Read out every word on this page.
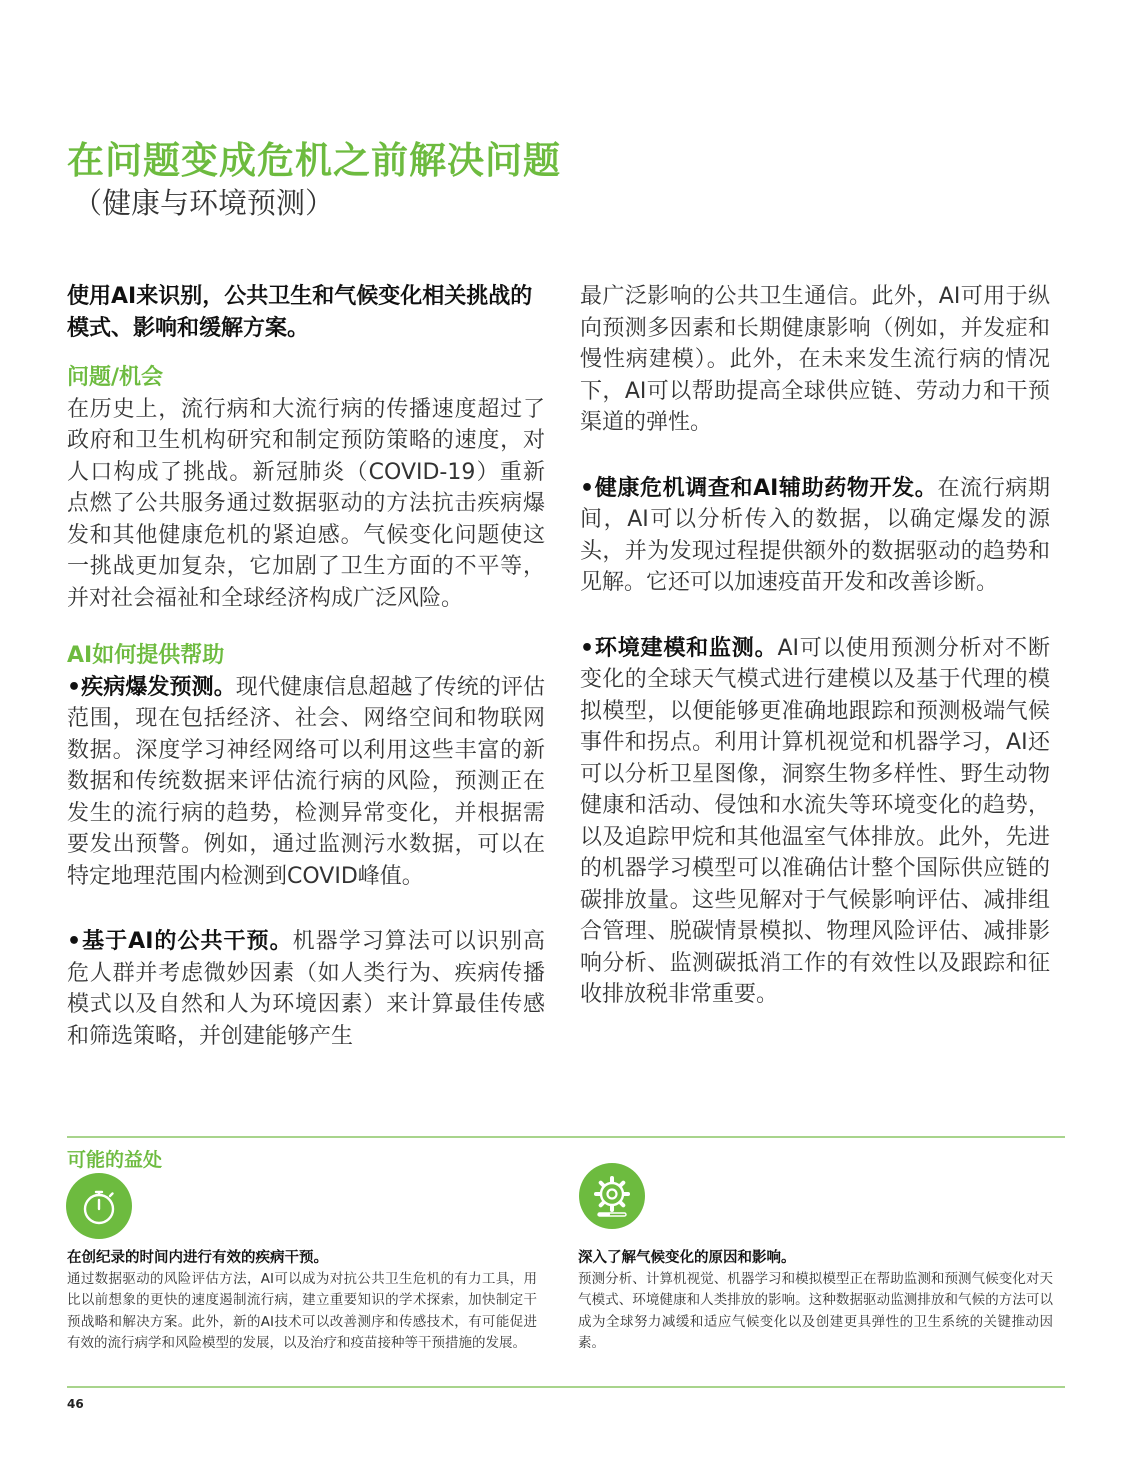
在问题变成危机之前解决问题

（健康与环境预测）

使用AI来识别，公共卫生和气候变化相关挑战的模式、影响和缓解方案。

问题/机会

在历史上，流行病和大流行病的传播速度超过了政府和卫生机构研究和制定预防策略的速度，对人口构成了挑战。新冠肺炎（COVID-19）重新点燃了公共服务通过数据驱动的方法抗击疾病爆发和其他健康危机的紧迫感。气候变化问题使这一挑战更加复杂，它加剧了卫生方面的不平等，并对社会福祉和全球经济构成广泛风险。

AI如何提供帮助

•疾病爆发预测。现代健康信息超越了传统的评估范围，现在包括经济、社会、网络空间和物联网数据。深度学习神经网络可以利用这些丰富的新数据和传统数据来评估流行病的风险，预测正在发生的流行病的趋势，检测异常变化，并根据需要发出预警。例如，通过监测污水数据，可以在特定地理范围内检测到COVID峰值。

•基于AI的公共干预。机器学习算法可以识别高危人群并考虑微妙因素（如人类行为、疾病传播模式以及自然和人为环境因素）来计算最佳传感和筛选策略，并创建能够产生

最广泛影响的公共卫生通信。此外，AI可用于纵向预测多因素和长期健康影响（例如，并发症和慢性病建模）。此外，在未来发生流行病的情况下，AI可以帮助提高全球供应链、劳动力和干预渠道的弹性。

•健康危机调查和AI辅助药物开发。在流行病期间，AI可以分析传入的数据，以确定爆发的源头，并为发现过程提供额外的数据驱动的趋势和见解。它还可以加速疫苗开发和改善诊断。

•环境建模和监测。AI可以使用预测分析对不断变化的全球天气模式进行建模以及基于代理的模拟模型，以便能够更准确地跟踪和预测极端气候事件和拐点。利用计算机视觉和机器学习，AI还可以分析卫星图像，洞察生物多样性、野生动物健康和活动、侵蚀和水流失等环境变化的趋势，以及追踪甲烷和其他温室气体排放。此外，先进的机器学习模型可以准确估计整个国际供应链的碳排放量。这些见解对于气候影响评估、减排组合管理、脱碳情景模拟、物理风险评估、减排影响分析、监测碳抵消工作的有效性以及跟踪和征收排放税非常重要。

可能的益处

在创纪录的时间内进行有效的疾病干预。

通过数据驱动的风险评估方法，AI可以成为对抗公共卫生危机的有力工具，用比以前想象的更快的速度遏制流行病，建立重要知识的学术探索，加快制定干预战略和解决方案。此外，新的AI技术可以改善测序和传感技术，有可能促进有效的流行病学和风险模型的发展，以及治疗和疫苗接种等干预措施的发展。

深入了解气候变化的原因和影响。

预测分析、计算机视觉、机器学习和模拟模型正在帮助监测和预测气候变化对天气模式、环境健康和人类排放的影响。这种数据驱动监测排放和气候的方法可以成为全球努力减缓和适应气候变化以及创建更具弹性的卫生系统的关键推动因素。

46
